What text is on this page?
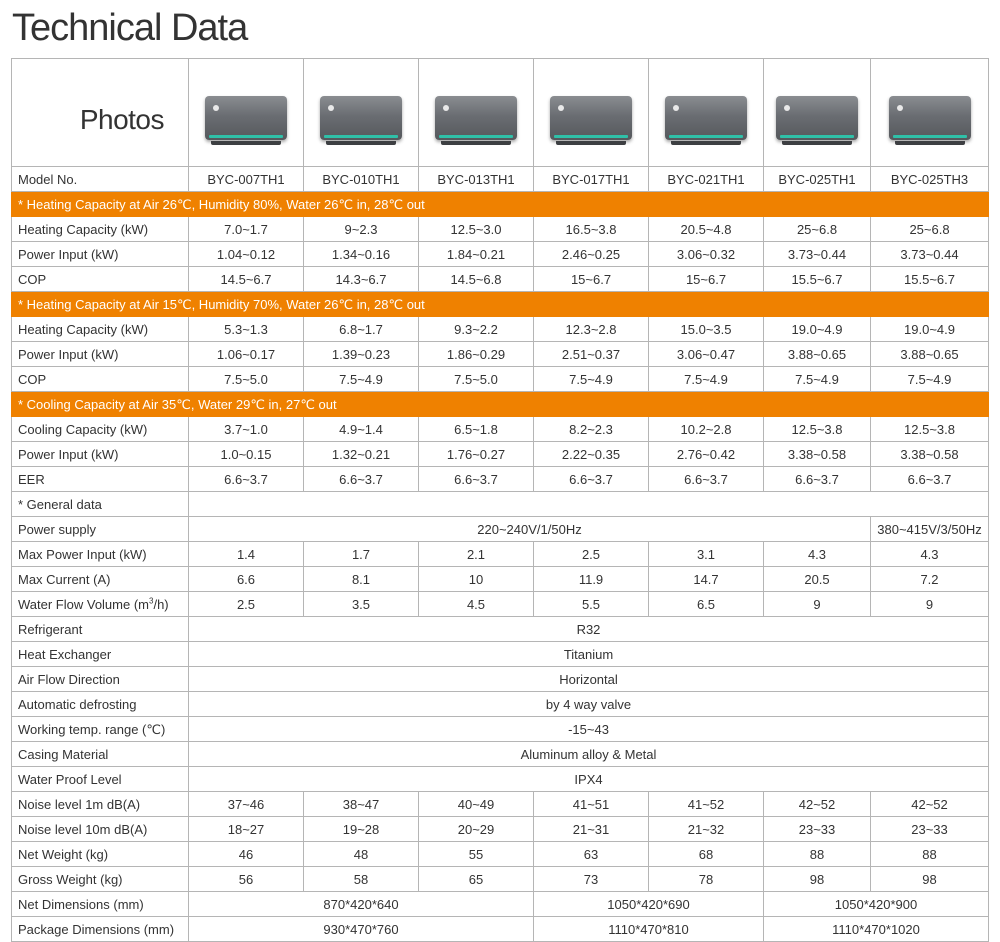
Technical Data
Photos	

Model No.	BYC-007TH1	BYC-010TH1	BYC-013TH1	BYC-017TH1	BYC-021TH1	BYC-025TH1	BYC-025TH3
* Heating Capacity at Air 26℃, Humidity 80%, Water 26℃ in, 28℃ out							
Heating Capacity (kW)	7.0~1.7	9~2.3	12.5~3.0	16.5~3.8	20.5~4.8	25~6.8	25~6.8
Power Input (kW)	1.04~0.12	1.34~0.16	1.84~0.21	2.46~0.25	3.06~0.32	3.73~0.44	3.73~0.44
COP	14.5~6.7	14.3~6.7	14.5~6.8	15~6.7	15~6.7	15.5~6.7	15.5~6.7
* Heating Capacity at Air 15℃, Humidity 70%, Water 26℃ in, 28℃ out							
Heating Capacity (kW)	5.3~1.3	6.8~1.7	9.3~2.2	12.3~2.8	15.0~3.5	19.0~4.9	19.0~4.9
Power Input (kW)	1.06~0.17	1.39~0.23	1.86~0.29	2.51~0.37	3.06~0.47	3.88~0.65	3.88~0.65
COP	7.5~5.0	7.5~4.9	7.5~5.0	7.5~4.9	7.5~4.9	7.5~4.9	7.5~4.9
* Cooling Capacity at Air 35℃, Water 29℃ in, 27℃ out							
Cooling Capacity (kW)	3.7~1.0	4.9~1.4	6.5~1.8	8.2~2.3	10.2~2.8	12.5~3.8	12.5~3.8
Power Input (kW)	1.0~0.15	1.32~0.21	1.76~0.27	2.22~0.35	2.76~0.42	3.38~0.58	3.38~0.58
EER	6.6~3.7	6.6~3.7	6.6~3.7	6.6~3.7	6.6~3.7	6.6~3.7	6.6~3.7
* General data							
Power supply	220~240V/1/50Hz						380~415V/3/50Hz
Max Power Input (kW)	1.4	1.7	2.1	2.5	3.1	4.3	4.3
Max Current (A)	6.6	8.1	10	11.9	14.7	20.5	7.2
Water Flow Volume $(m^3/h)$	2.5	3.5	4.5	5.5	6.5	9	9
Refrigerant	R32						
Heat Exchanger	Titanium						
Air Flow Direction	Horizontal						
Automatic defrosting	by 4 way valve						
Working temp. range (℃)	-15~43						
Casing Material	Aluminum alloy & Metal						
Water Proof Level	IPX4						
Noise level 1m dB(A)	37~46	38~47	40~49	41~51	41~52	42~52	42~52
Noise level 10m dB(A)	18~27	19~28	20~29	21~31	21~32	23~33	23~33
Net Weight (kg)	46	48	55	63	68	88	88
Gross Weight (kg)	56	58	65	73	78	98	98
Net Dimensions (mm)	870*420*640			1050*420*690		1050*420*900	
Package Dimensions (mm)	930*470*760			1110*470*810		1110*470*1020	
